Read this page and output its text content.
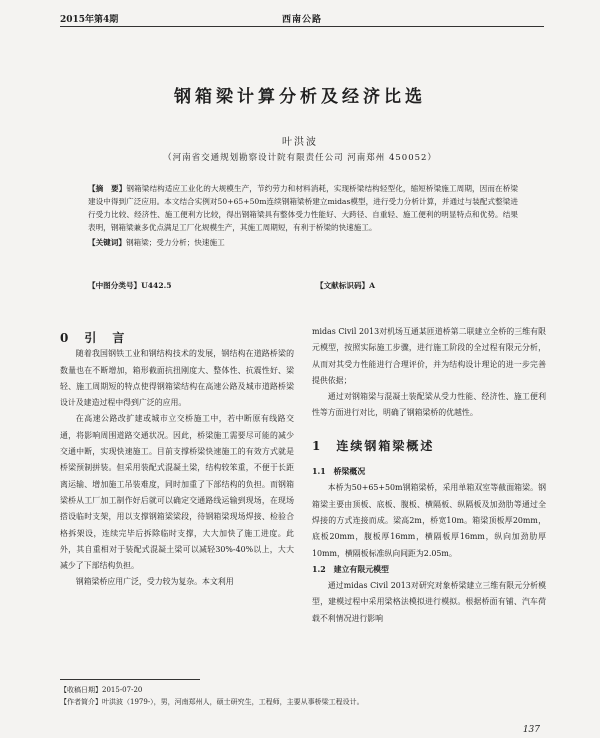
2015年第4期	西南公路
钢箱梁计算分析及经济比选
叶洪波
（河南省交通规划勘察设计院有限责任公司 河南郑州 450052）

【摘　要】钢箱梁结构适应工业化的大规模生产，节约劳力和材料消耗，实现桥梁结构轻型化，缩短桥梁施工周期，因而在桥梁建设中得到广泛应用。本文结合实例对50+65+50m连续钢箱梁桥建立midas模型，进行受力分析计算，并通过与装配式整梁进行受力比较、经济性、施工便利方比较，得出钢箱梁具有整体受力性能好、大跨径、自重轻、施工便利的明显特点和优势。结果表明，钢箱梁兼多优点满足工厂化规模生产，其施工周期短，有利于桥梁的快速施工。

【关键词】钢箱梁；受力分析；快速施工

【中图分类号】U442.5	【文献标识码】A

0　 引　言

随着我国钢铁工业和钢结构技术的发展，钢结构在道路桥梁的数量也在不断增加，箱形截面抗扭刚度大、整体性、抗震性好、梁轻、施工周期短的特点使得钢箱梁结构在高速公路及城市道路桥梁设计及建造过程中得到广泛的应用。

在高速公路改扩建或城市立交桥施工中，若中断原有线路交通，将影响周围道路交通状况。因此，桥梁施工需要尽可能的减少交通中断，实现快速施工。目前支撑桥梁快速施工的有效方式就是桥梁预制拼装。但采用装配式混凝土梁，结构较笨重，不便于长距离运输、增加施工吊装难度，同时加重了下部结构的负担。而钢箱梁桥从工厂加工制作好后就可以确定交通路线运输到现场，在现场搭设临时支架，用以支撑钢箱梁梁段，待钢箱梁现场焊接、检验合格拆架设，连续完毕后拆除临时支撑，大大加快了施工进度。此外，其自重相对于装配式混凝土梁可以减轻30%-40%以上，大大减少了下部结构负担。

钢箱梁桥应用广泛，受力较为复杂。本文利用

midas Civil 2013对机场互通某匝道桥第二联建立全桥的三维有限元模型，按照实际施工步骤，进行施工阶段的全过程有限元分析，从而对其受力性能进行合理评价，并为结构设计理论的进一步完善提供依据；

通过对钢箱梁与混凝土装配梁从受力性能、经济性、施工便利性等方面进行对比，明确了钢箱梁桥的优越性。

1　 连续钢箱梁概述

1.1　 桥梁概况

本桥为50+65+50m钢箱梁桥，采用单箱双室等截面箱梁。钢箱梁主要由顶板、底板、腹板、横隔板、纵隔板及加劲肋等通过全焊接的方式连接而成。梁高2m，桥宽10m。箱梁顶板厚20mm，底板20mm，腹板厚16mm，横隔板厚16mm，纵向加劲肋厚10mm，横隔板标准纵向间距为2.05m。

1.2　 建立有限元模型

通过midas Civil 2013对研究对象桥梁建立三维有限元分析模型，建模过程中采用梁格法模拟进行模拟。根据桥面有铺、汽车荷载不利情况进行影响

【收稿日期】2015-07-20
【作者简介】叶洪波（1979-），男，河南郑州人，硕士研究生，工程师，主要从事桥梁工程设计。
137
